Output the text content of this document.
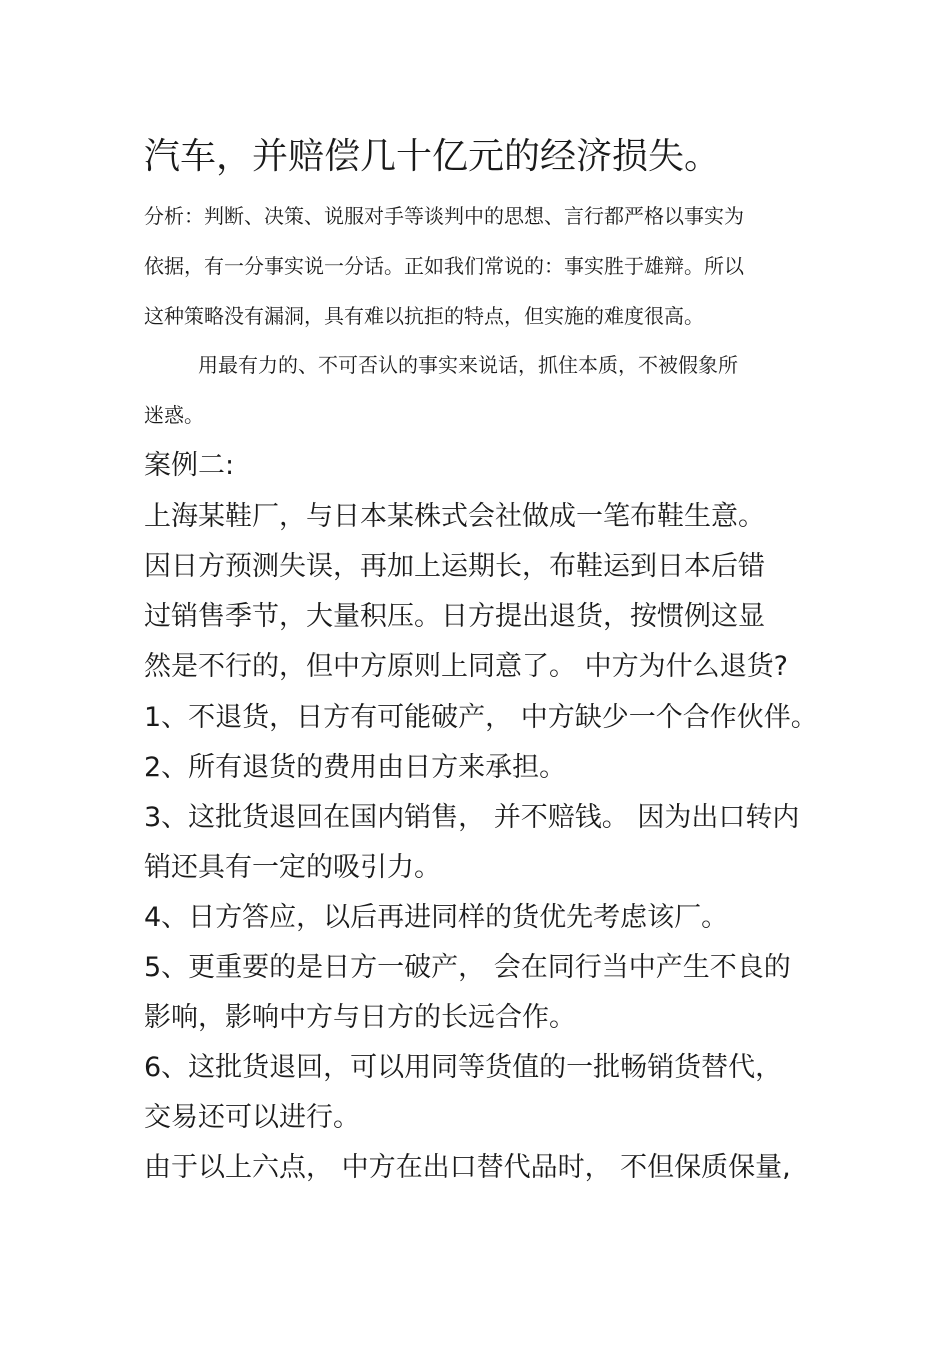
汽车，并赔偿几十亿元的经济损失。

分析：判断、决策、说服对手等谈判中的思想、言行都严格以事实为

依据，有一分事实说一分话。正如我们常说的：事实胜于雄辩。所以

这种策略没有漏洞，具有难以抗拒的特点，但实施的难度很高。

用最有力的、不可否认的事实来说话，抓住本质，不被假象所

迷惑。

案例二:

上海某鞋厂，与日本某株式会社做成一笔布鞋生意。

因日方预测失误，再加上运期长，布鞋运到日本后错

过销售季节，大量积压。日方提出退货，按惯例这显

然是不行的，但中方原则上同意了。 中方为什么退货?

1、不退货，日方有可能破产， 中方缺少一个合作伙伴。

2、所有退货的费用由日方来承担。

3、这批货退回在国内销售， 并不赔钱。 因为出口转内

销还具有一定的吸引力。

4、日方答应，以后再进同样的货优先考虑该厂。

5、更重要的是日方一破产， 会在同行当中产生不良的

影响，影响中方与日方的长远合作。

6、这批货退回，可以用同等货值的一批畅销货替代，

交易还可以进行。

由于以上六点， 中方在出口替代品时， 不但保质保量,
